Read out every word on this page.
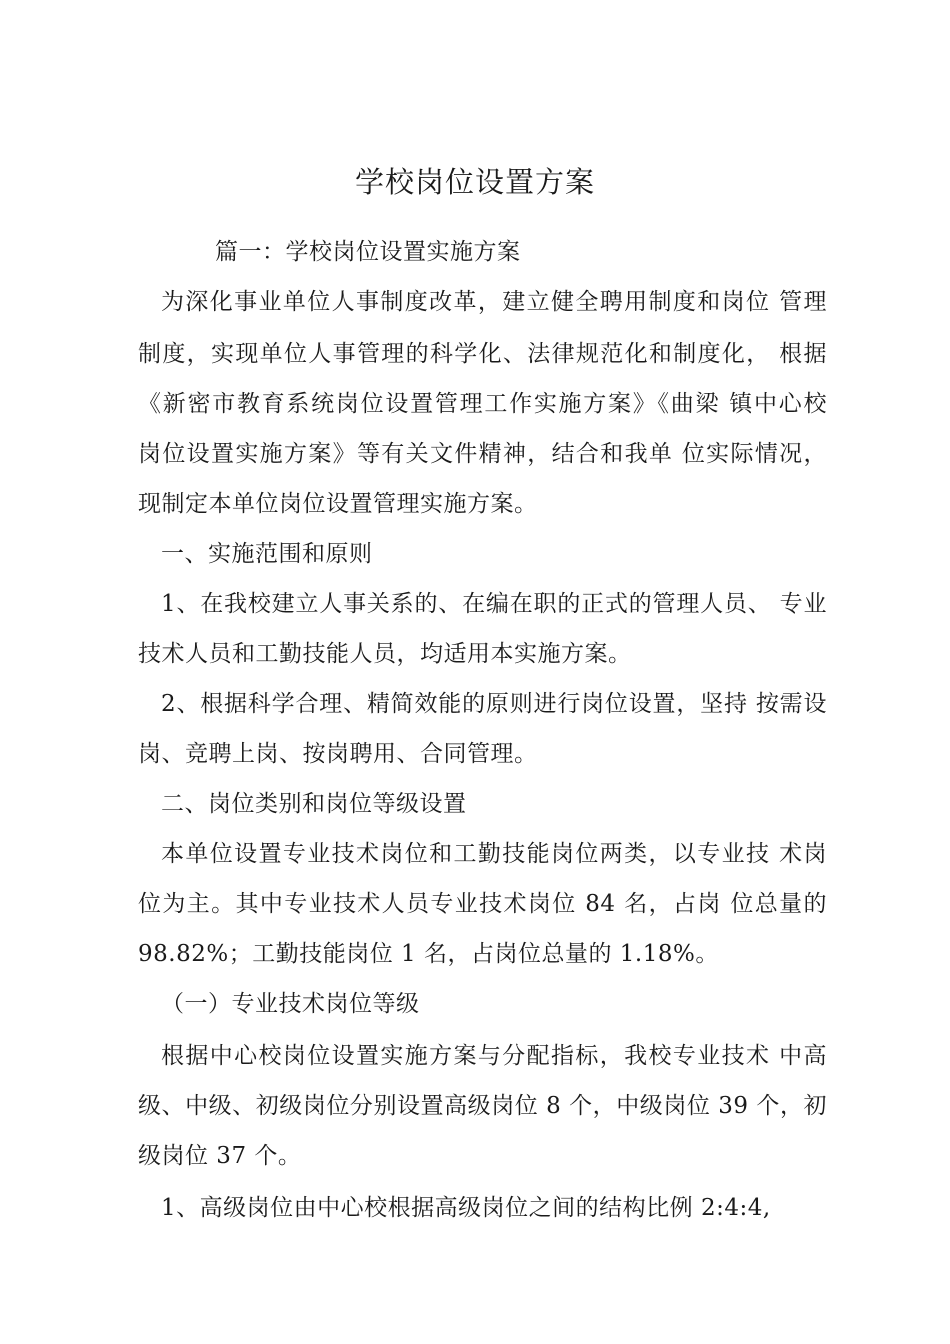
学校岗位设置方案
篇一：学校岗位设置实施方案
为深化事业单位人事制度改革，建立健全聘用制度和岗位 管理
制度，实现单位人事管理的科学化、法律规范化和制度化， 根据
《新密市教育系统岗位设置管理工作实施方案》《曲梁 镇中心校
岗位设置实施方案》等有关文件精神，结合和我单 位实际情况，
现制定本单位岗位设置管理实施方案。
一、实施范围和原则
1、在我校建立人事关系的、在编在职的正式的管理人员、 专业
技术人员和工勤技能人员，均适用本实施方案。
2、根据科学合理、精简效能的原则进行岗位设置，坚持 按需设
岗、竞聘上岗、按岗聘用、合同管理。
二、岗位类别和岗位等级设置
本单位设置专业技术岗位和工勤技能岗位两类，以专业技 术岗
位为主。其中专业技术人员专业技术岗位 84 名，占岗 位总量的
98.82%；工勤技能岗位 1 名，占岗位总量的 1.18%。
（一）专业技术岗位等级
根据中心校岗位设置实施方案与分配指标，我校专业技术 中高
级、中级、初级岗位分别设置高级岗位 8 个，中级岗位 39 个，初
级岗位 37 个。
1、高级岗位由中心校根据高级岗位之间的结构比例 2:4:4,
